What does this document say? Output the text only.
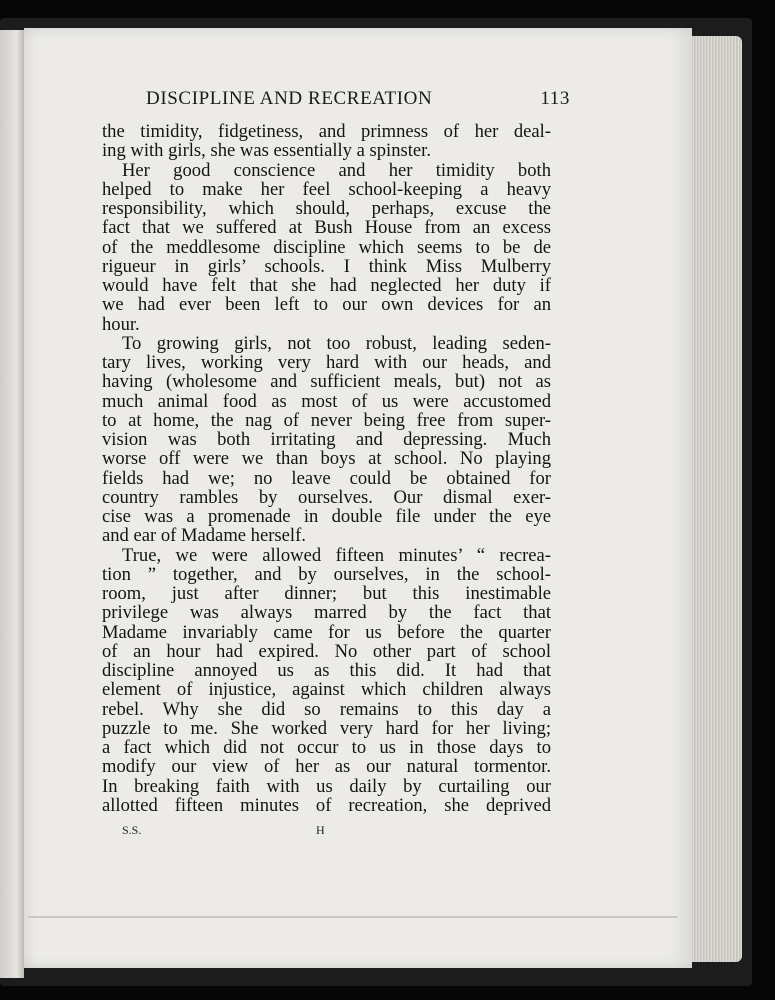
DISCIPLINE AND RECREATION	113
the timidity, fidgetiness, and primness of her deal-
ing with girls, she was essentially a spinster.
Her good conscience and her timidity both
helped to make her feel school-keeping a heavy
responsibility, which should, perhaps, excuse the
fact that we suffered at Bush House from an excess
of the meddlesome discipline which seems to be de
rigueur in girls’ schools. I think Miss Mulberry
would have felt that she had neglected her duty if
we had ever been left to our own devices for an
hour.
To growing girls, not too robust, leading seden-
tary lives, working very hard with our heads, and
having (wholesome and sufficient meals, but) not as
much animal food as most of us were accustomed
to at home, the nag of never being free from super-
vision was both irritating and depressing. Much
worse off were we than boys at school. No playing
fields had we; no leave could be obtained for
country rambles by ourselves. Our dismal exer-
cise was a promenade in double file under the eye
and ear of Madame herself.
True, we were allowed fifteen minutes’ “ recrea-
tion ” together, and by ourselves, in the school-
room, just after dinner; but this inestimable
privilege was always marred by the fact that
Madame invariably came for us before the quarter
of an hour had expired. No other part of school
discipline annoyed us as this did. It had that
element of injustice, against which children always
rebel. Why she did so remains to this day a
puzzle to me. She worked very hard for her living;
a fact which did not occur to us in those days to
modify our view of her as our natural tormentor.
In breaking faith with us daily by curtailing our
allotted fifteen minutes of recreation, she deprived
S.S.	H
